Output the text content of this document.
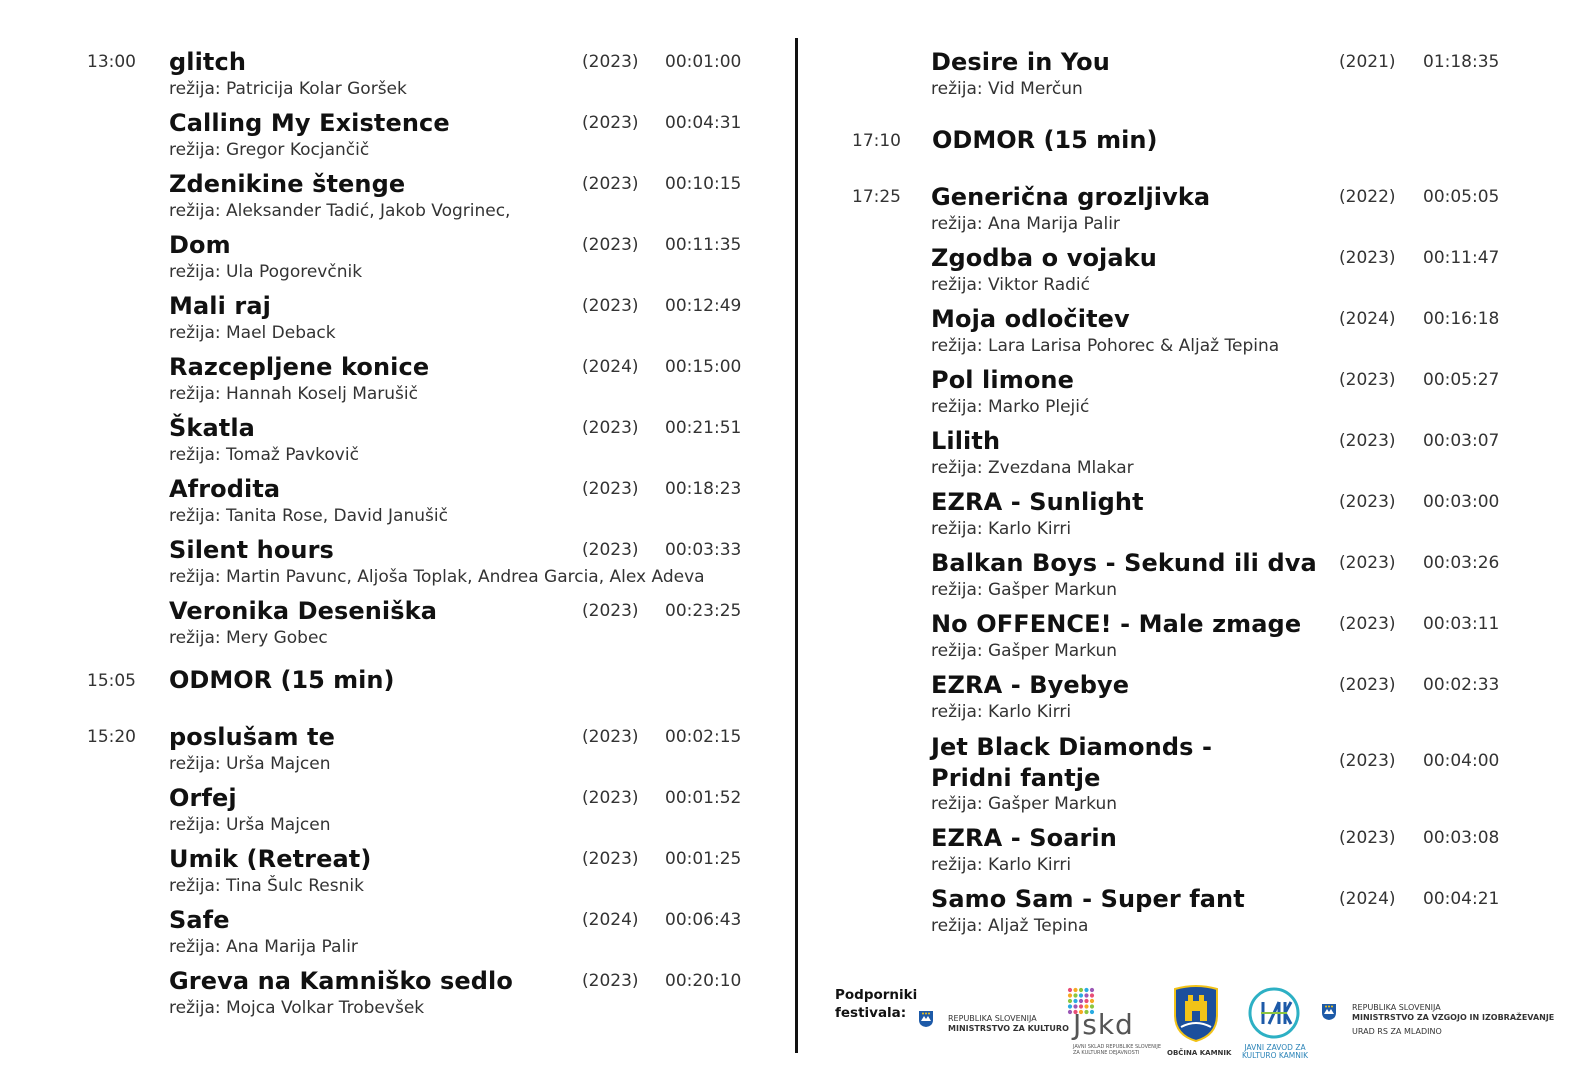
13:00 glitch
režija: Patricija Kolar Goršek
(2023) 00:01:00
Calling My Existence
režija: Gregor Kocjančič
(2023) 00:04:31
Zdenikine štenge
režija: Aleksander Tadić, Jakob Vogrinec,
(2023) 00:10:15
Dom
režija: Ula Pogorevčnik
(2023) 00:11:35
Mali raj
režija: Mael Deback
(2023) 00:12:49
Razcepljene konice
režija: Hannah Koselj Marušič
(2024) 00:15:00
Škatla
režija: Tomaž Pavkovič
(2023) 00:21:51
Afrodita
režija: Tanita Rose, David Janušič
(2023) 00:18:23
Silent hours
režija: Martin Pavunc, Aljoša Toplak, Andrea Garcia, Alex Adeva
(2023) 00:03:33
Veronika Deseniška
režija: Mery Gobec
(2023) 00:23:25
15:05 ODMOR (15 min)
15:20 poslušam te
režija: Urša Majcen
(2023) 00:02:15
Orfej
režija: Urša Majcen
(2023) 00:01:52
Umik (Retreat)
režija: Tina Šulc Resnik
(2023) 00:01:25
Safe
režija: Ana Marija Palir
(2024) 00:06:43
Greva na Kamniško sedlo
režija: Mojca Volkar Trobevšek
(2023) 00:20:10
Desire in You
režija: Vid Merčun
(2021) 01:18:35
17:10 ODMOR (15 min)
17:25 Generična grozljivka
režija: Ana Marija Palir
(2022) 00:05:05
Zgodba o vojaku
režija: Viktor Radić
(2023) 00:11:47
Moja odločitev
režija: Lara Larisa Pohorec & Aljaž Tepina
(2024) 00:16:18
Pol limone
režija: Marko Plejić
(2023) 00:05:27
Lilith
režija: Zvezdana Mlakar
(2023) 00:03:07
EZRA - Sunlight
režija: Karlo Kirri
(2023) 00:03:00
Balkan Boys - Sekund ili dva
režija: Gašper Markun
(2023) 00:03:26
No OFFENCE! - Male zmage
režija: Gašper Markun
(2023) 00:03:11
EZRA - Byebye
režija: Karlo Kirri
(2023) 00:02:33
Jet Black Diamonds - Pridni fantje
režija: Gašper Markun
(2023) 00:04:00
EZRA - Soarin
režija: Karlo Kirri
(2023) 00:03:08
Samo Sam - Super fant
režija: Aljaž Tepina
(2024) 00:04:21
Podporniki
festivala:	REPUBLIKA SLOVENIJA
MINISTRSTVO ZA KULTURO Jskd
JAVNI SKLAD REPUBLIKE SLOVENIJE
ZA KULTURNE DEJAVNOSTI	OBČINA KAMNIK
JAVNI ZAVOD ZA
KULTURO KAMNIK
REPUBLIKA SLOVENIJA
MINISTRSTVO ZA VZGOJO IN IZOBRAŽEVANJE
URAD RS ZA MLADINO
